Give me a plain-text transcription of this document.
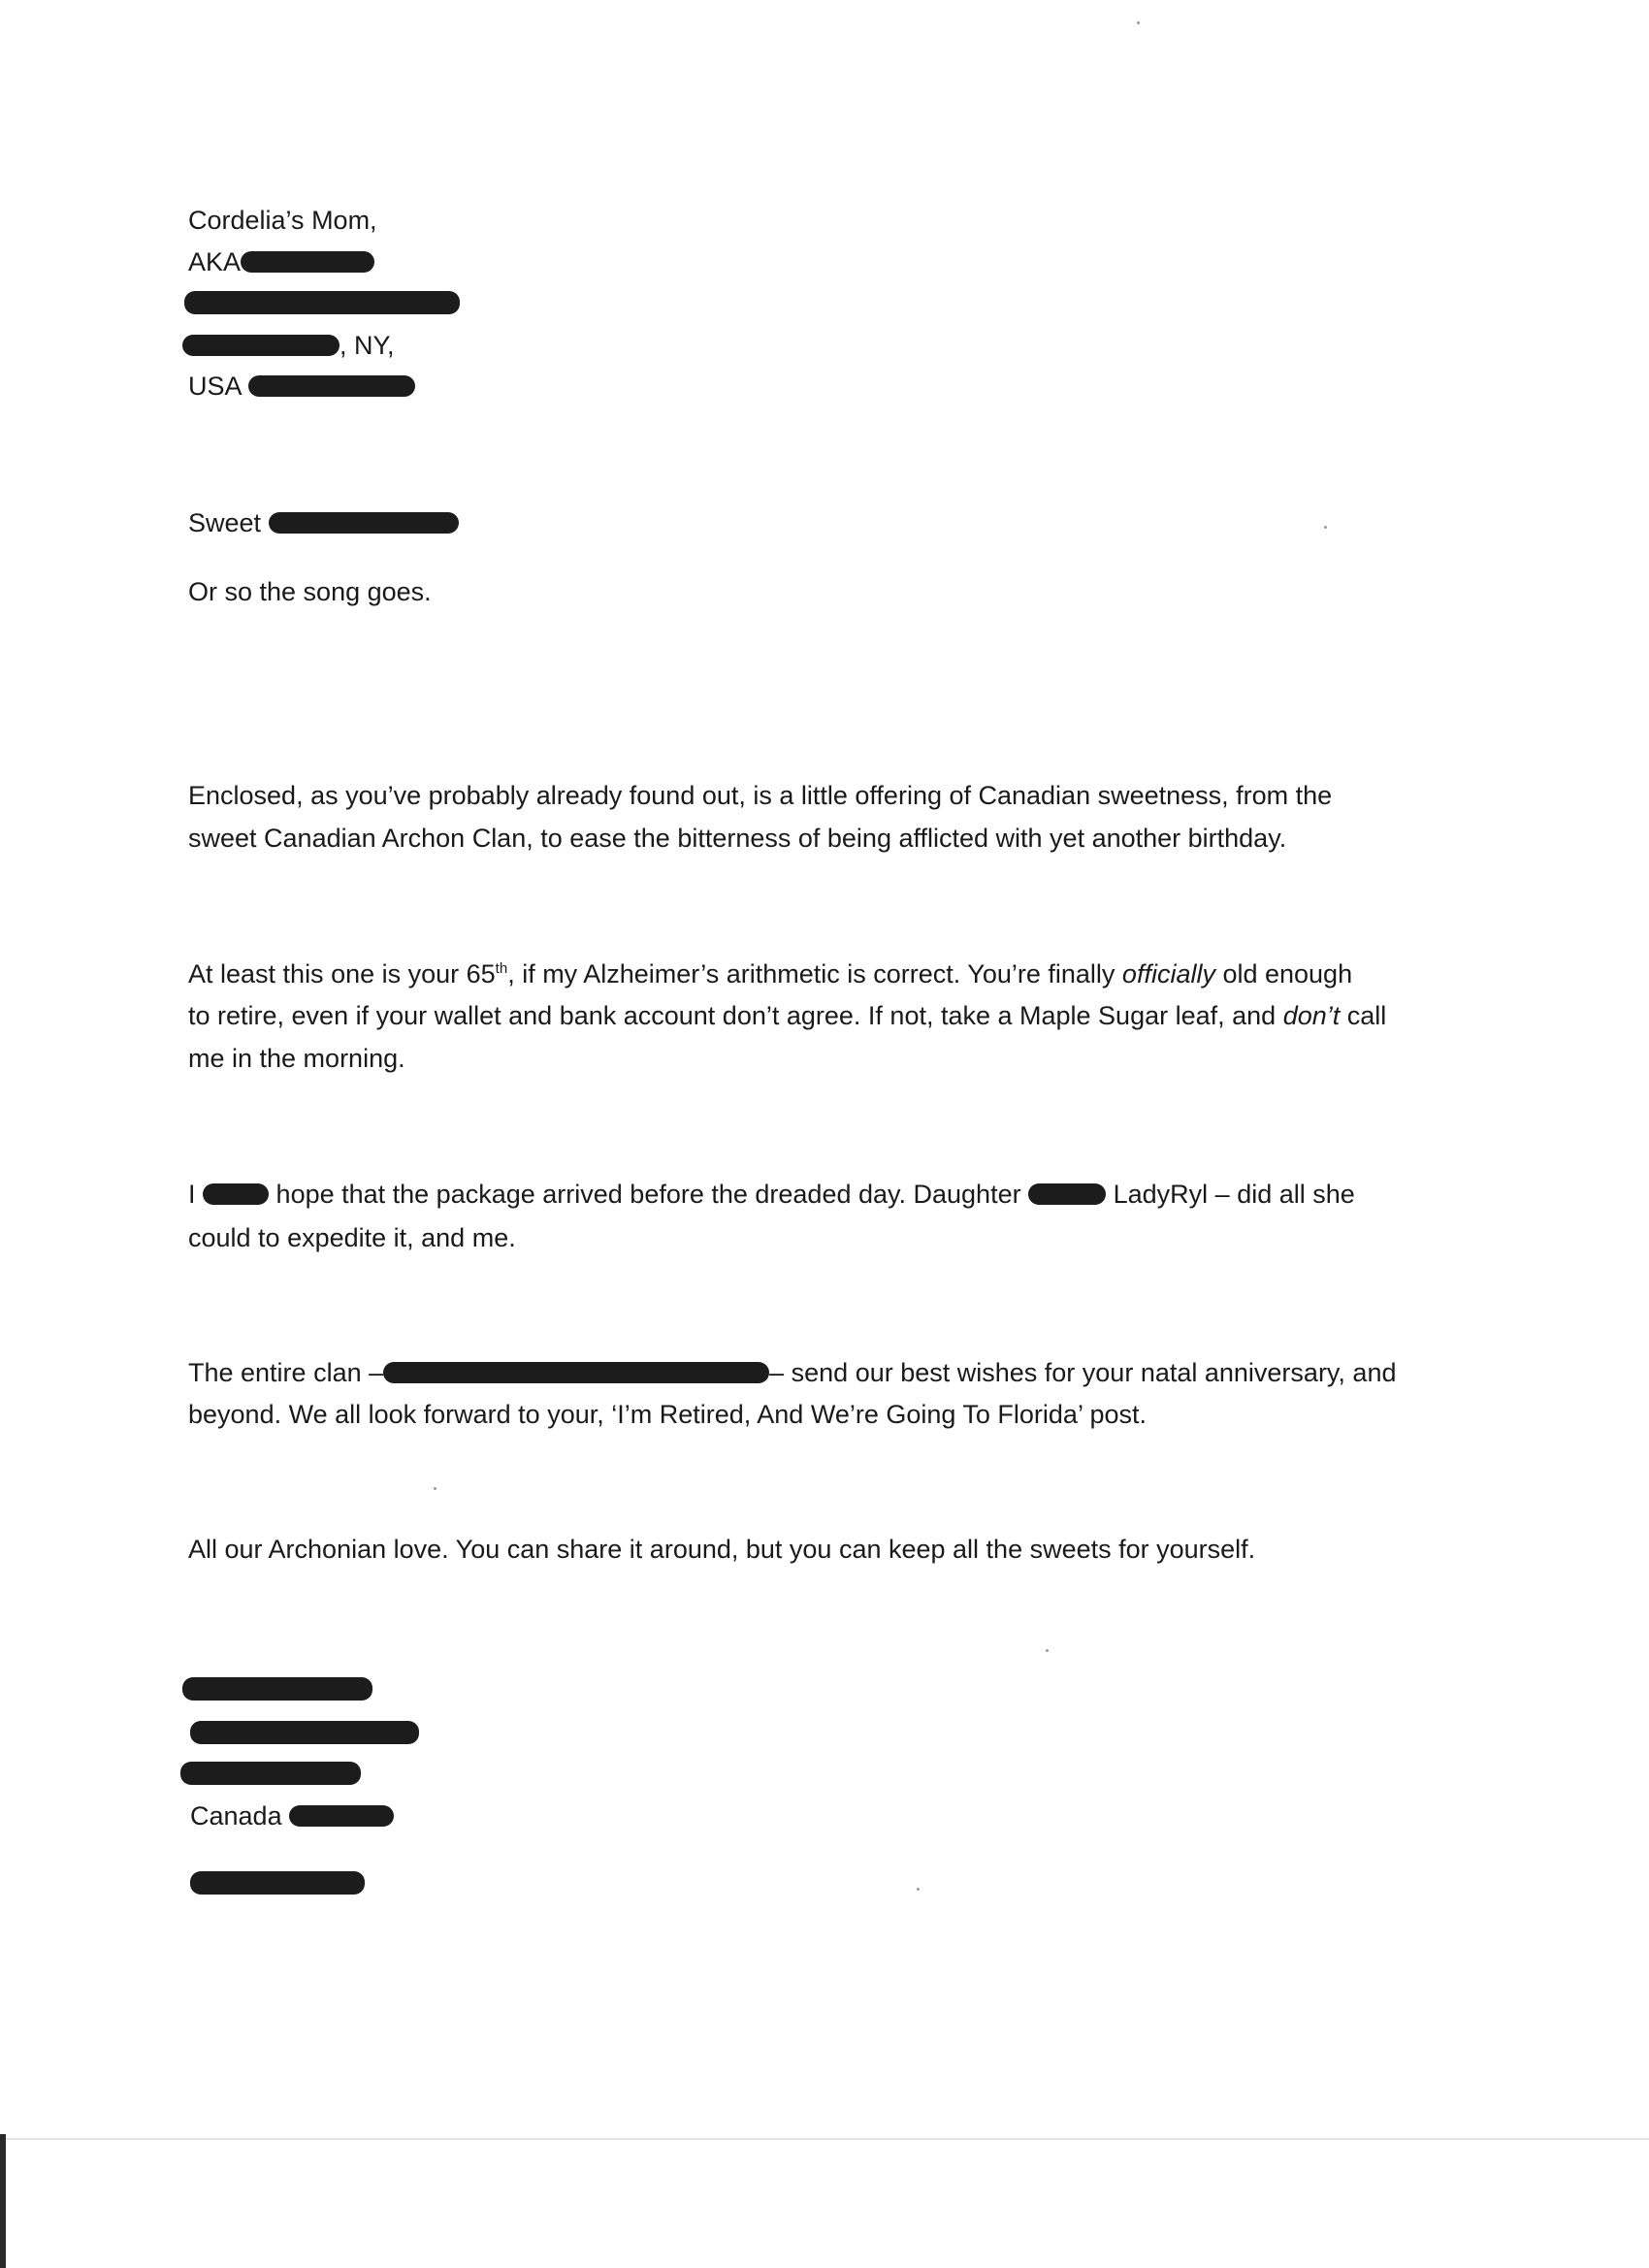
Cordelia’s Mom,
AKA
, NY,
USA
Sweet
Or so the song goes.
Enclosed, as you’ve probably already found out, is a little offering of Canadian sweetness, from the
sweet Canadian Archon Clan, to ease the bitterness of being afflicted with yet another birthday.
At least this one is your 65th, if my Alzheimer’s arithmetic is correct. You’re finally officially old enough
to retire, even if your wallet and bank account don’t agree. If not, take a Maple Sugar leaf, and don’t call
me in the morning.
I	hope that the package arrived before the dreaded day. Daughter	LadyRyl – did all she
could to expedite it, and me.
The entire clan –	– send our best wishes for your natal anniversary, and
beyond. We all look forward to your, ‘I’m Retired, And We’re Going To Florida’ post.
All our Archonian love. You can share it around, but you can keep all the sweets for yourself.
Canada
